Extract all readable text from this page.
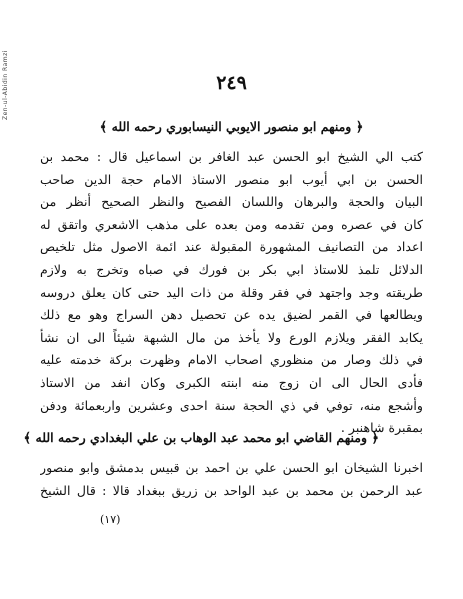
Zen-ul-Abidin Ramzi	٢٤٩
﴿ ومنهم ابو منصور الايوبي النيسابوري رحمه الله ﴾
كتب الي الشيخ ابو الحسن عبد الغافر بن اسماعيل قال : محمد بن
الحسن بن ابي أيوب ابو منصور الاستاذ الامام حجة الدين صاحب
البيان والحجة والبرهان واللسان الفصيح والنظر الصحيح أنظر من
كان في عصره ومن تقدمه ومن بعده على مذهب الاشعري واتقق له
اعداد من التصانيف المشهورة المقبولة عند ائمة الاصول مثل تلخيص
الدلائل تلمذ للاستاذ ابي بكر بن فورك في صباه وتخرج به ولازم
طريقته وجد واجتهد في فقر وقلة من ذات اليد حتى كان يعلق دروسه
ويطالعها في القمر لضيق يده عن تحصيل دهن السراج وهو مع ذلك
يكابد الفقر ويلازم الورع ولا يأخذ من مال الشبهة شيئاً الى ان نشأ
في ذلك وصار من منظوري اصحاب الامام وظهرت بركة خدمته عليه
فأدى الحال الى ان زوج منه ابنته الكبرى وكان انفد من الاستاذ
وأشجع منه، توفي في ذي الحجة سنة احدى وعشرين واربعمائة ودفن
بمقبرة شاهنبر .
﴿ ومنهم القاضي ابو محمد عبد الوهاب بن علي البغدادي رحمه الله ﴾
اخبرنا الشيخان ابو الحسن علي بن احمد بن قبيس بدمشق وابو منصور
عبد الرحمن بن محمد بن عبد الواحد بن زريق ببغداد قالا : قال الشيخ
(١٧)
